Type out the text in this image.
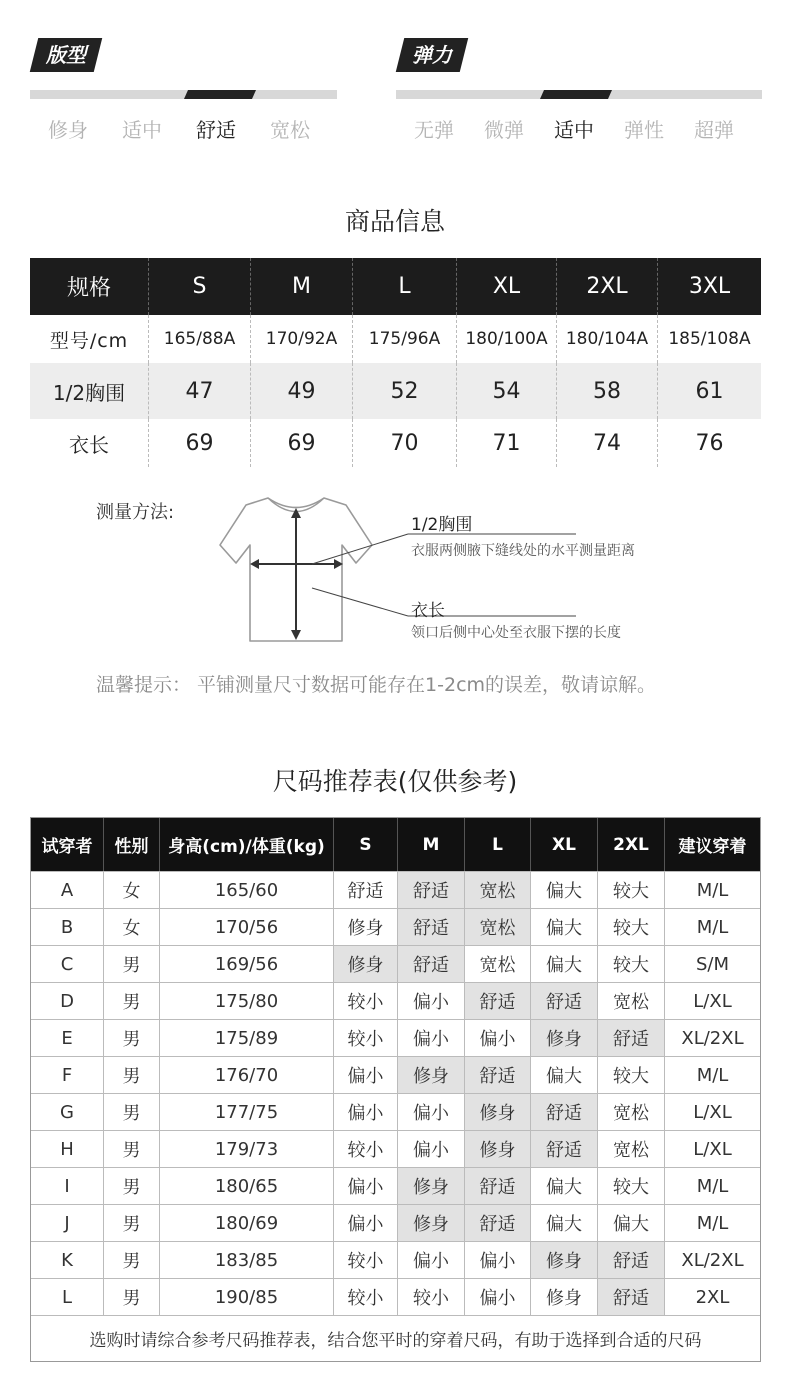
版型
修身 适中 舒适 宽松
弹力
无弹 微弹 适中 弹性 超弹
商品信息
规格	S	M	L	XL	2XL	3XL
型号/cm	165/88A	170/92A	175/96A	180/100A	180/104A	185/108A
1/2胸围	47	49	52	54	58	61
衣长	69	69	70	71	74	76
测量方法:
1/2胸围
衣服两侧腋下缝线处的水平测量距离
衣长
领口后侧中心处至衣服下摆的长度
温馨提示： 平铺测量尺寸数据可能存在1-2cm的误差，敬请谅解。
尺码推荐表(仅供参考)
试穿者	性别	身高(cm)/体重(kg)	S	M	L	XL	2XL	建议穿着
A	女	165/60	舒适	舒适	宽松	偏大	较大	M/L
B	女	170/56	修身	舒适	宽松	偏大	较大	M/L
C	男	169/56	修身	舒适	宽松	偏大	较大	S/M
D	男	175/80	较小	偏小	舒适	舒适	宽松	L/XL
E	男	175/89	较小	偏小	偏小	修身	舒适	XL/2XL
F	男	176/70	偏小	修身	舒适	偏大	较大	M/L
G	男	177/75	偏小	偏小	修身	舒适	宽松	L/XL
H	男	179/73	较小	偏小	修身	舒适	宽松	L/XL
I	男	180/65	偏小	修身	舒适	偏大	较大	M/L
J	男	180/69	偏小	修身	舒适	偏大	偏大	M/L
K	男	183/85	较小	偏小	偏小	修身	舒适	XL/2XL
L	男	190/85	较小	较小	偏小	修身	舒适	2XL
选购时请综合参考尺码推荐表，结合您平时的穿着尺码，有助于选择到合适的尺码
